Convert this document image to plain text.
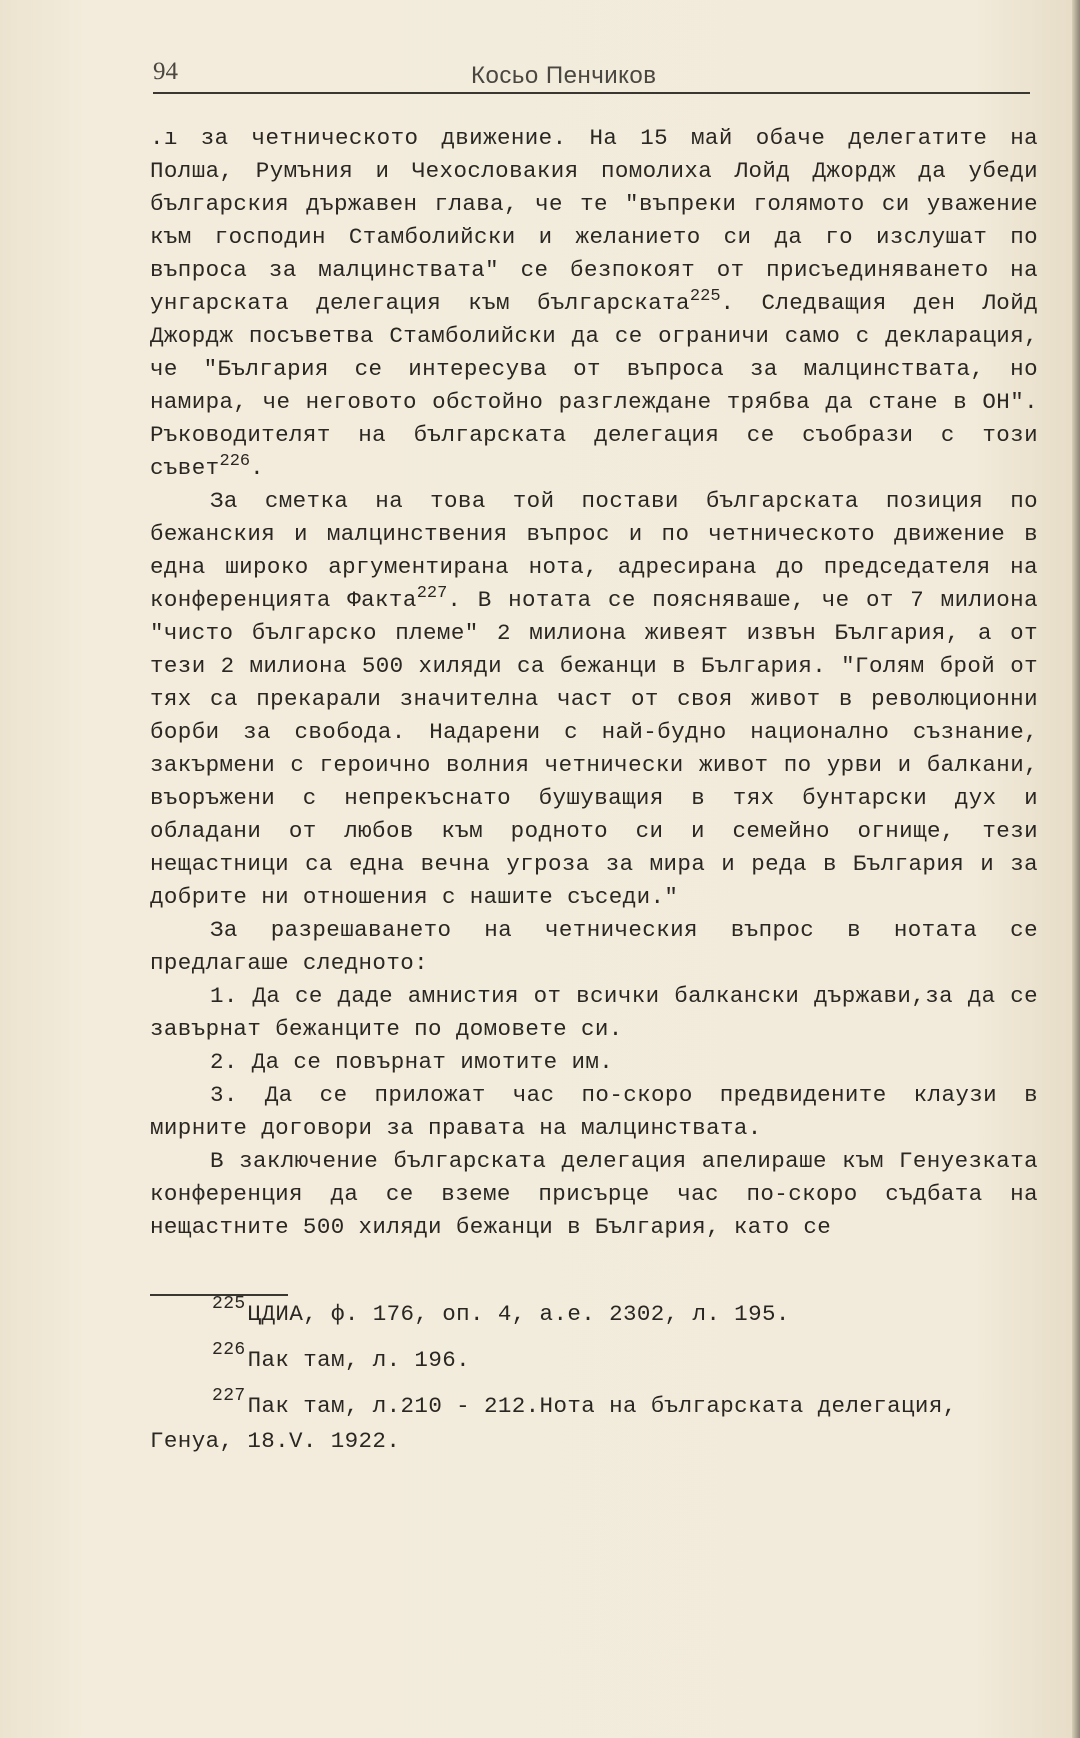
94	Косьо Пенчиков

.ı за четническото движение. На 15 май обаче делегатите на Полша, Румъния и Чехословакия помолиха Лойд Джордж да убеди българския държавен глава, че те "въпреки голямото си уважение към господин Стамболийски и желанието си да го изслушат по въпроса за малцинствата" се безпокоят от присъединяването на унгарската делегация към българската$^{225}$. Следващия ден Лойд Джордж посъветва Стамболийски да се ограничи само с декларация, че "България се интересува от въпроса за малцинствата, но намира, че неговото обстойно разглеждане трябва да стане в ОН". Ръководителят на българската делегация се съобрази с този съвет$^{226}$.

За сметка на това той постави българската позиция по бежанския и малцинствения въпрос и по четническото движение в една широко аргументирана нота, адресирана до председателя на конференцията Факта$^{227}$. В нотата се поясняваше, че от 7 милиона "чисто българско племе" 2 милиона живеят извън България, а от тези 2 милиона 500 хиляди са бежанци в България. "Голям брой от тях са прекарали значителна част от своя живот в революционни борби за свобода. Надарени с най-будно национално съзнание, закърмени с героично волния четнически живот по урви и балкани, въоръжени с непрекъснато бушуващия в тях бунтарски дух и обладани от любов към родното си и семейно огнище, тези нещастници са една вечна угроза за мира и реда в България и за добрите ни отношения с нашите съседи."

За разрешаването на четническия въпрос в нотата се предлагаше следното:

1. Да се даде амнистия от всички балкански държави,за да се завърнат бежанците по домовете си.

2. Да се повърнат имотите им.

3. Да се приложат час по-скоро предвидените клаузи в мирните договори за правата на малцинствата.

В заключение българската делегация апелираше към Генуезката конференция да се вземе присърце час по-скоро съдбата на нещастните 500 хиляди бежанци в България, като се

$^{225}$ЦДИА, ф. 176, оп. 4, а.е. 2302, л. 195.

$^{226}$Пак там, л. 196.

$^{227}$Пак там, л.210 - 212.Нота на българската делегация,

Генуа, 18.V. 1922.
